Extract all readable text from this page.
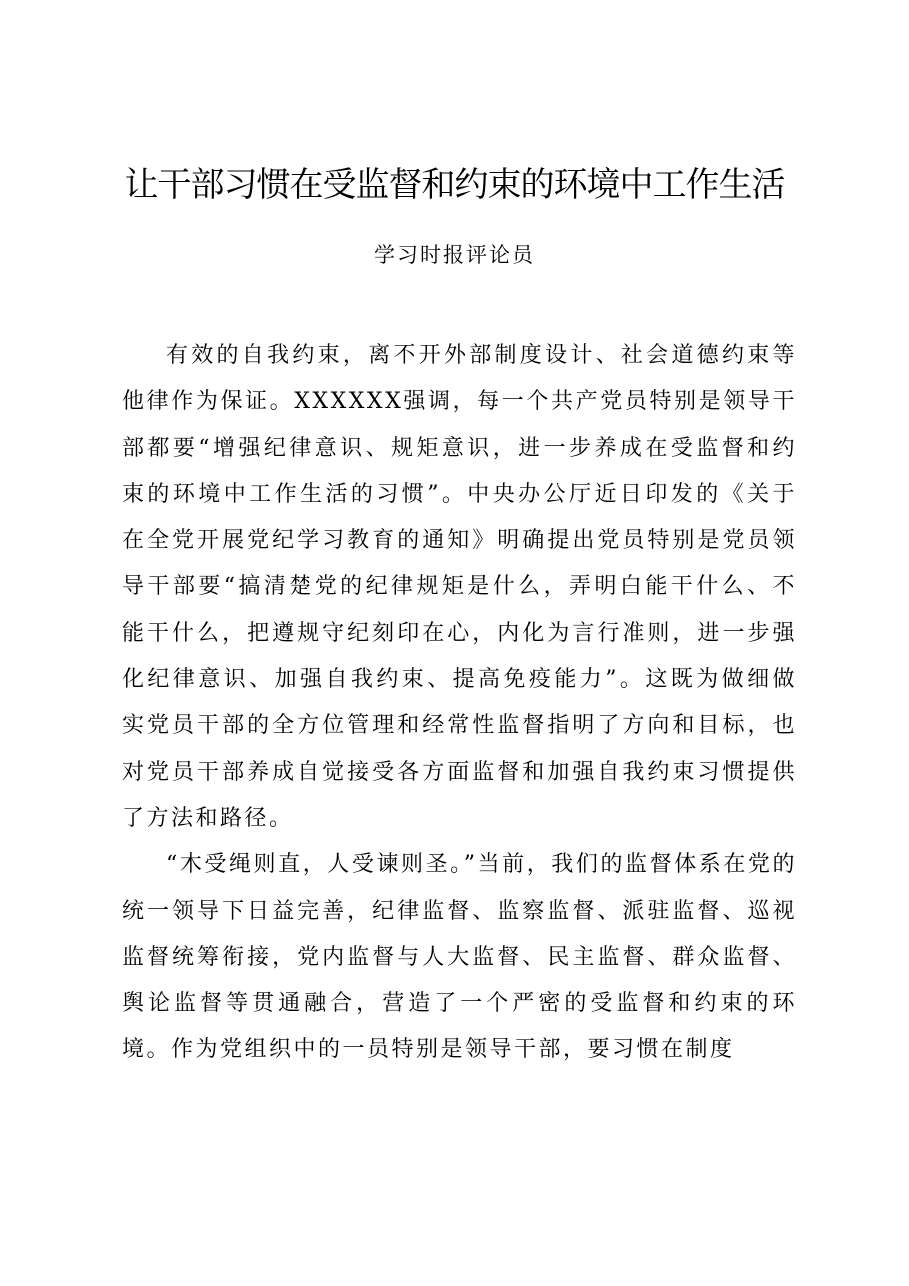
让干部习惯在受监督和约束的环境中工作生活
学习时报评论员

有效的自我约束，离不开外部制度设计、社会道德约束等他律作为保证。XXXXXX强调，每一个共产党员特别是领导干部都要“增强纪律意识、规矩意识，进一步养成在受监督和约束的环境中工作生活的习惯”。中央办公厅近日印发的《关于在全党开展党纪学习教育的通知》明确提出党员特别是党员领导干部要“搞清楚党的纪律规矩是什么，弄明白能干什么、不能干什么，把遵规守纪刻印在心，内化为言行准则，进一步强化纪律意识、加强自我约束、提高免疫能力”。这既为做细做实党员干部的全方位管理和经常性监督指明了方向和目标，也对党员干部养成自觉接受各方面监督和加强自我约束习惯提供了方法和路径。

“木受绳则直，人受谏则圣。”当前，我们的监督体系在党的统一领导下日益完善，纪律监督、监察监督、派驻监督、巡视监督统筹衔接，党内监督与人大监督、民主监督、群众监督、舆论监督等贯通融合，营造了一个严密的受监督和约束的环境。作为党组织中的一员特别是领导干部，要习惯在制度
